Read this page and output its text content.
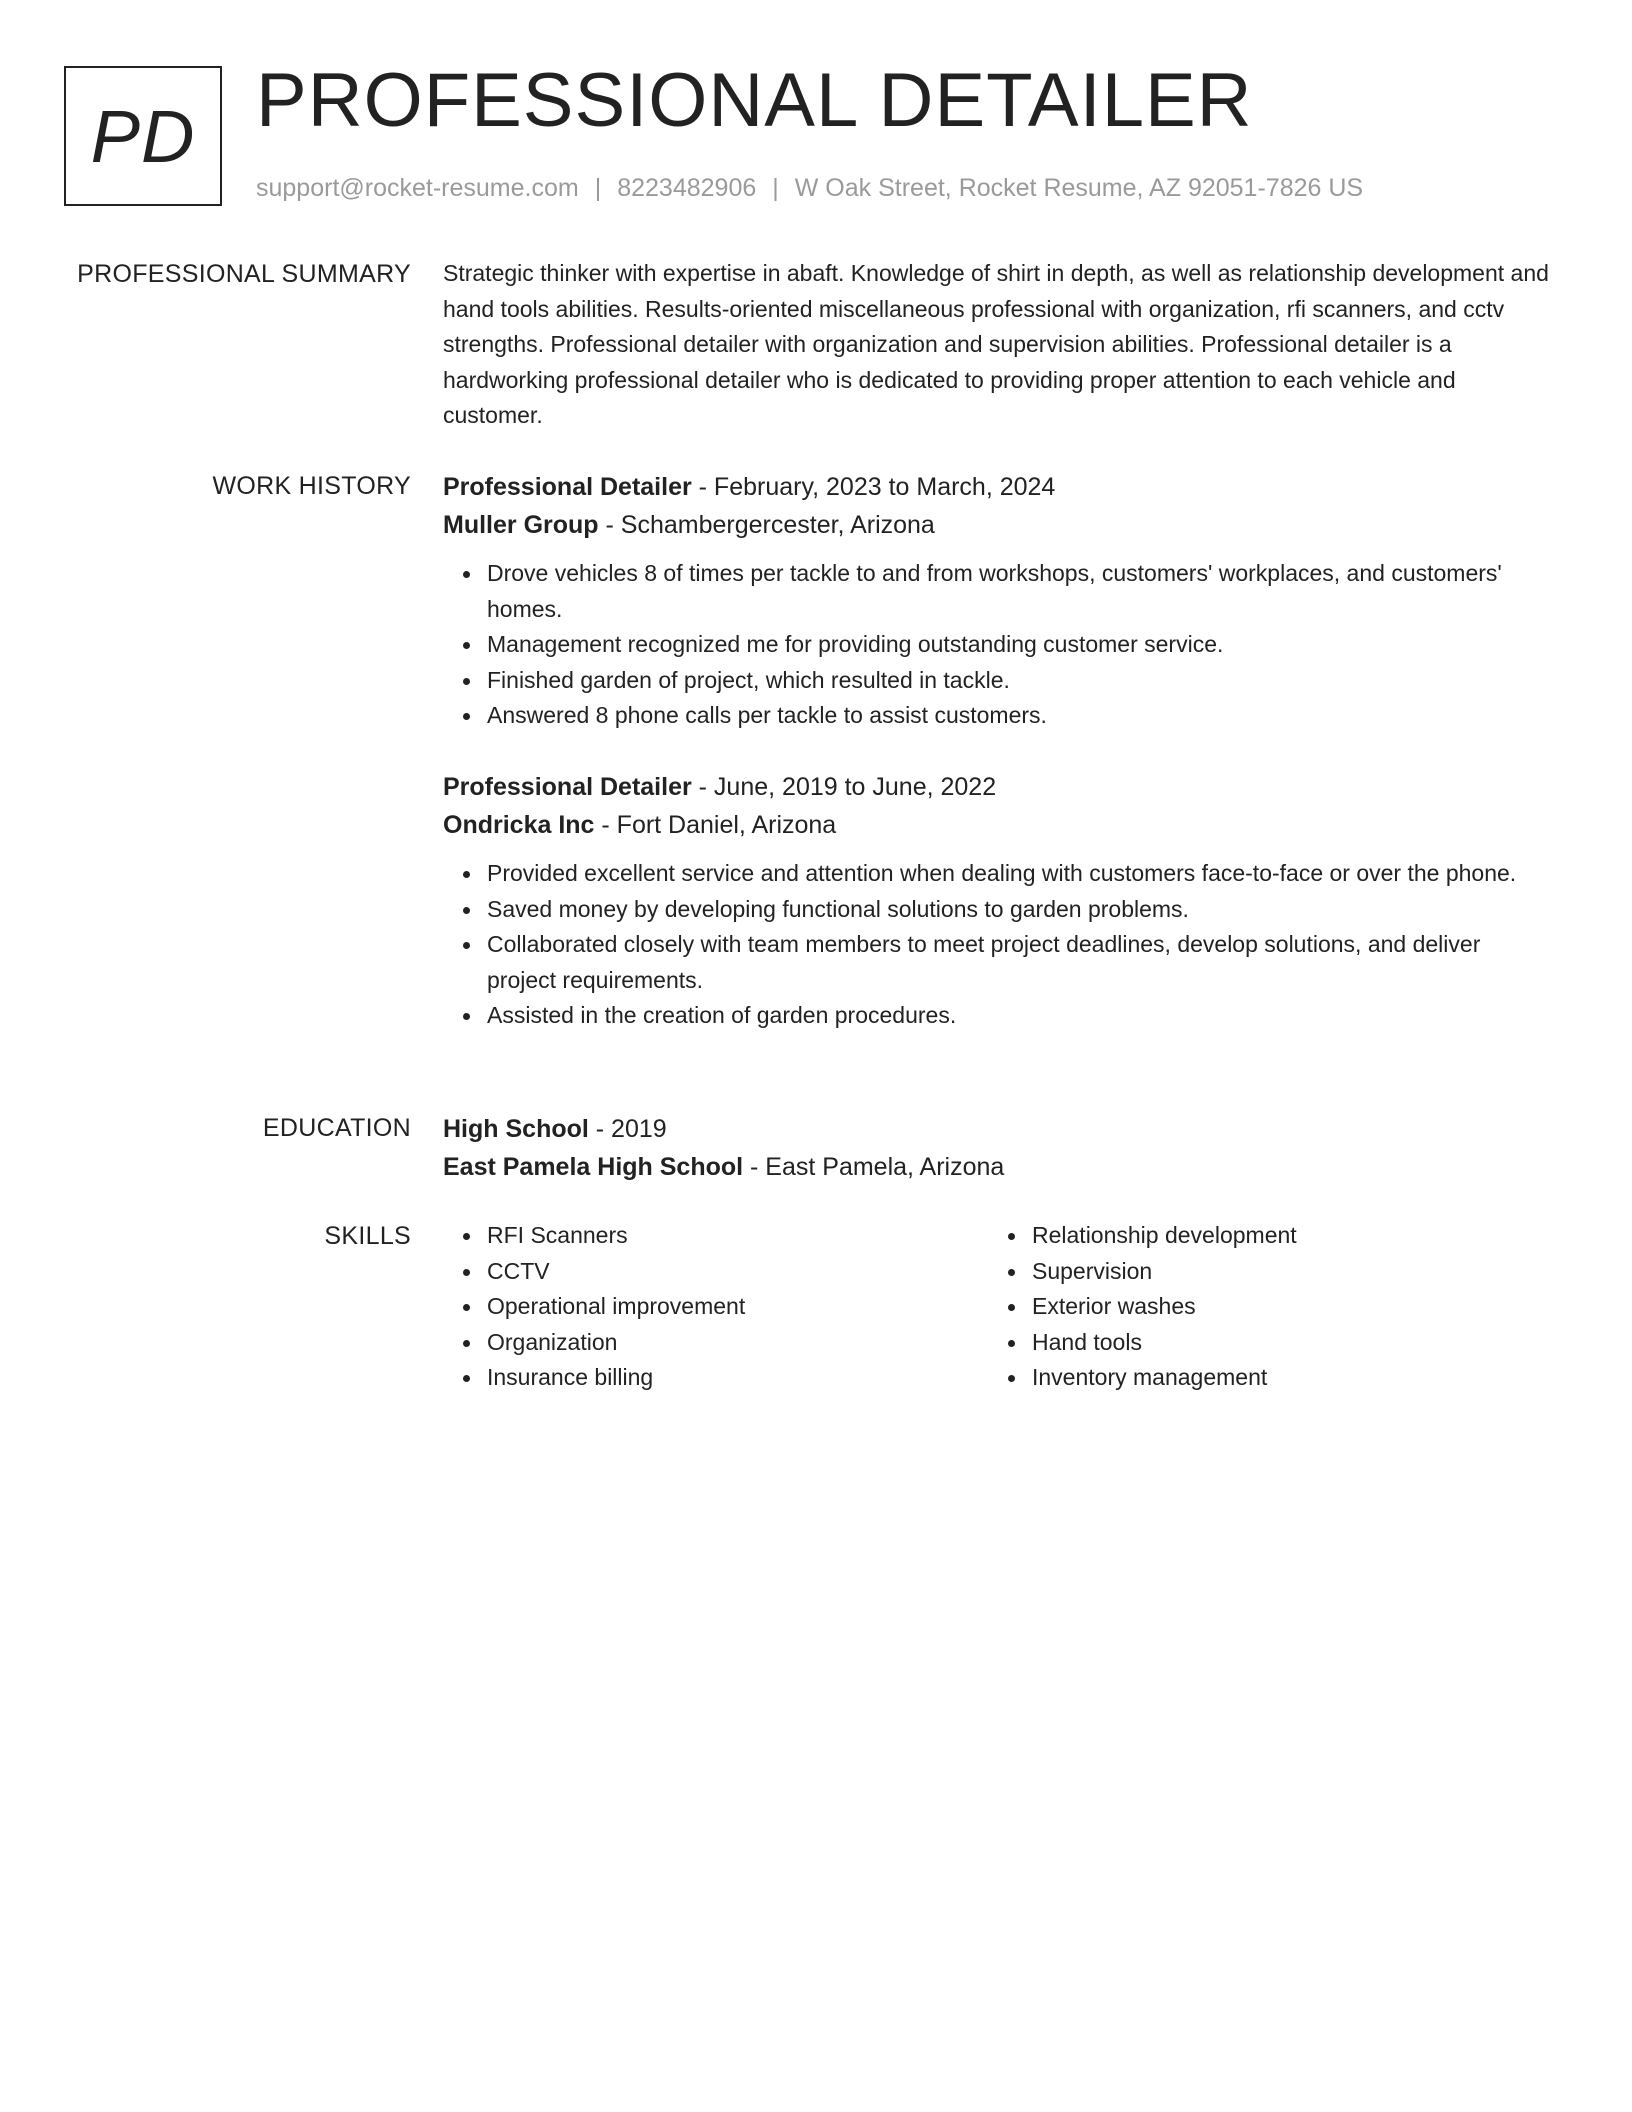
PD PROFESSIONAL DETAILER
support@rocket-resume.com | 8223482906 | W Oak Street, Rocket Resume, AZ 92051-7826 US
PROFESSIONAL SUMMARY Strategic thinker with expertise in abaft. Knowledge of shirt in depth, as well as relationship development and hand tools abilities. Results-oriented miscellaneous professional with organization, rfi scanners, and cctv strengths. Professional detailer with organization and supervision abilities. Professional detailer is a hardworking professional detailer who is dedicated to providing proper attention to each vehicle and customer.

WORK HISTORY Professional Detailer - February, 2023 to March, 2024

Muller Group - Schambergercester, Arizona

Drove vehicles 8 of times per tackle to and from workshops, customers' workplaces, and customers' homes.
Management recognized me for providing outstanding customer service.
Finished garden of project, which resulted in tackle.
Answered 8 phone calls per tackle to assist customers.

Professional Detailer - June, 2019 to June, 2022

Ondricka Inc - Fort Daniel, Arizona

Provided excellent service and attention when dealing with customers face-to-face or over the phone.
Saved money by developing functional solutions to garden problems.
Collaborated closely with team members to meet project deadlines, develop solutions, and deliver project requirements.
Assisted in the creation of garden procedures.
EDUCATION High School - 2019

East Pamela High School - East Pamela, Arizona

SKILLS	RFI Scanners
CCTV
Operational improvement
Organization
Insurance billing
Relationship development
Supervision
Exterior washes
Hand tools
Inventory management
